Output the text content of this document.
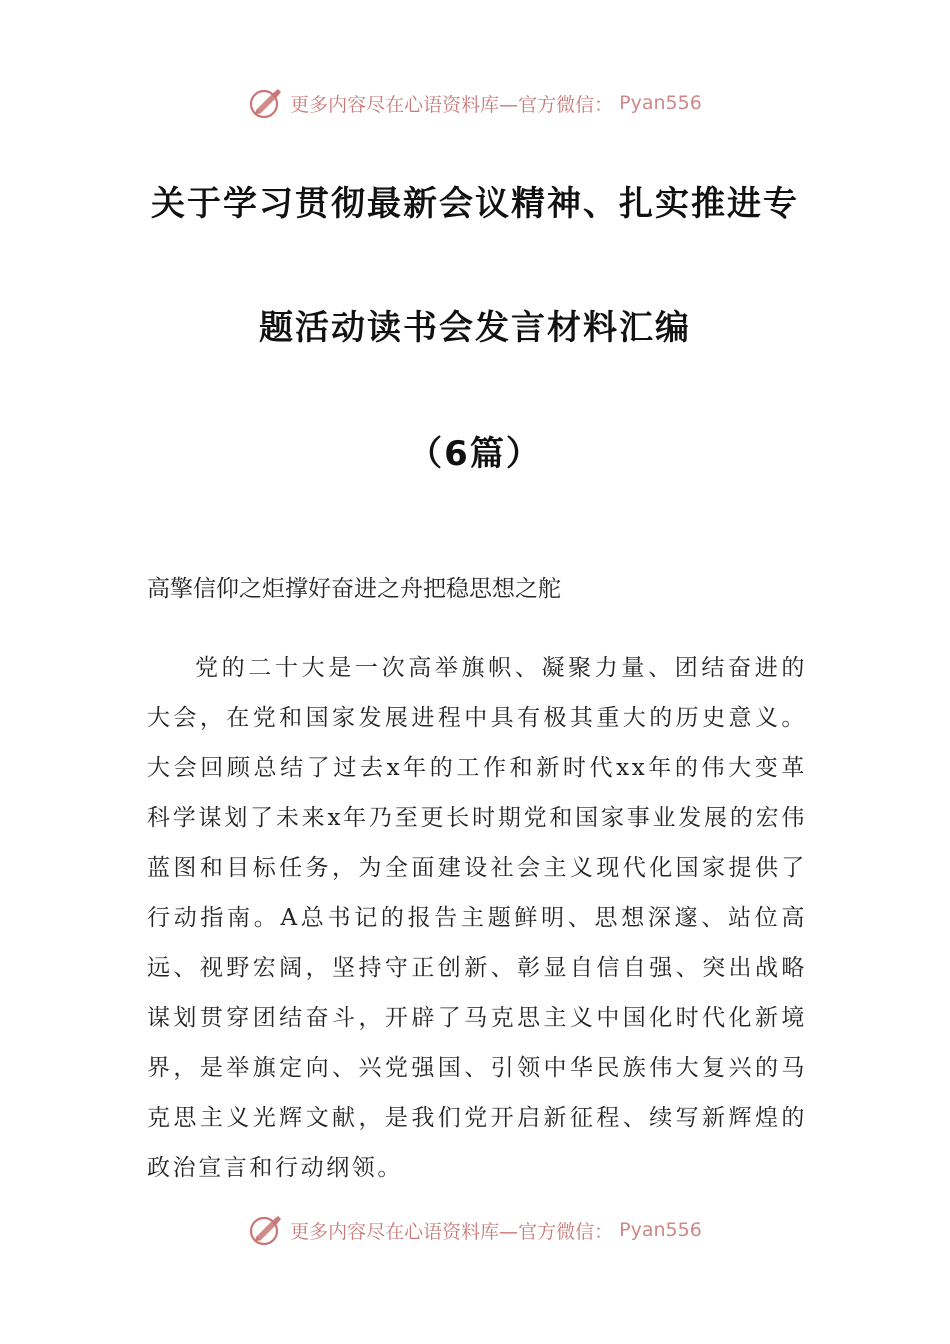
更多内容尽在心语资料库—官方微信： Pyan556
关于学习贯彻最新会议精神、扎实推进专
题活动读书会发言材料汇编
（6篇）
高擎信仰之炬撑好奋进之舟把稳思想之舵

党的二十大是一次高举旗帜、凝聚力量、团结奋进的大会，在党和国家发展进程中具有极其重大的历史意义。大会回顾总结了过去x年的工作和新时代xx年的伟大变革科学谋划了未来x年乃至更长时期党和国家事业发展的宏伟蓝图和目标任务，为全面建设社会主义现代化国家提供了行动指南。A总书记的报告主题鲜明、思想深邃、站位高远、视野宏阔，坚持守正创新、彰显自信自强、突出战略谋划贯穿团结奋斗，开辟了马克思主义中国化时代化新境界，是举旗定向、兴党强国、引领中华民族伟大复兴的马克思主义光辉文献，是我们党开启新征程、续写新辉煌的政治宣言和行动纲领。

更多内容尽在心语资料库—官方微信： Pyan556
